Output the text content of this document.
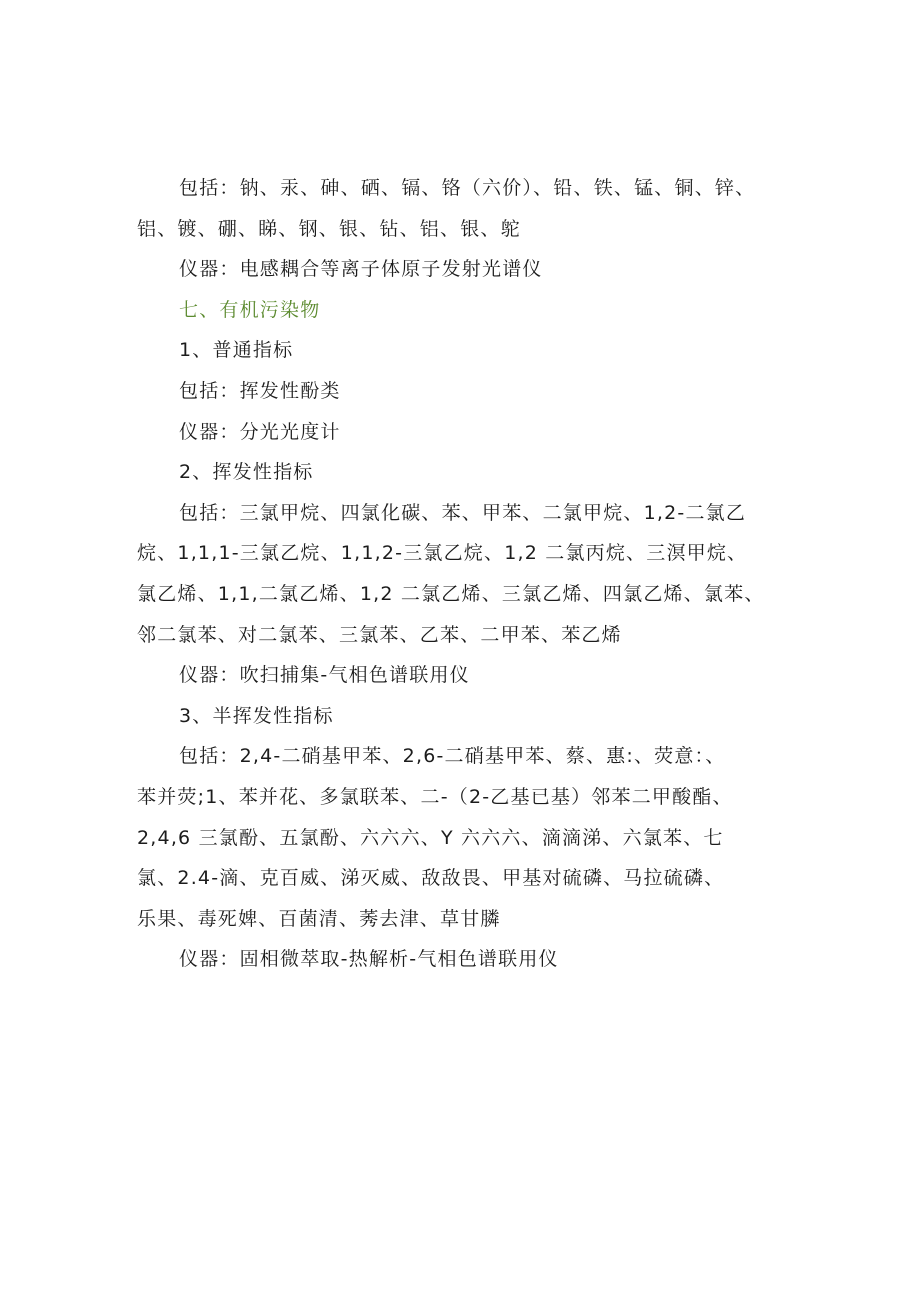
包括：钠、汞、砷、硒、镉、铬（六价）、铅、铁、锰、铜、锌、

铝、镀、硼、睇、钢、银、钻、铝、银、鸵

仪器：电感耦合等离子体原子发射光谱仪

七、有机污染物

1、普通指标

包括：挥发性酚类

仪器：分光光度计

2、挥发性指标

包括：三氯甲烷、四氯化碳、苯、甲苯、二氯甲烷、1,2-二氯乙

烷、1,1,1-三氯乙烷、1,1,2-三氯乙烷、1,2 二氯丙烷、三溟甲烷、

氯乙烯、1,1,二氯乙烯、1,2 二氯乙烯、三氯乙烯、四氯乙烯、氯苯、

邻二氯苯、对二氯苯、三氯苯、乙苯、二甲苯、苯乙烯

仪器：吹扫捕集-气相色谱联用仪

3、半挥发性指标

包括：2,4-二硝基甲苯、2,6-二硝基甲苯、蔡、惠:、荧意：、

苯并荧;1、苯并花、多氯联苯、二-（2-乙基已基）邻苯二甲酸酯、

2,4,6 三氯酚、五氯酚、六六六、Y 六六六、滴滴涕、六氯苯、七

氯、2.4-滴、克百威、涕灭威、敌敌畏、甲基对硫磷、马拉硫磷、

乐果、毒死婢、百菌清、莠去津、草甘膦

仪器：固相微萃取-热解析-气相色谱联用仪
